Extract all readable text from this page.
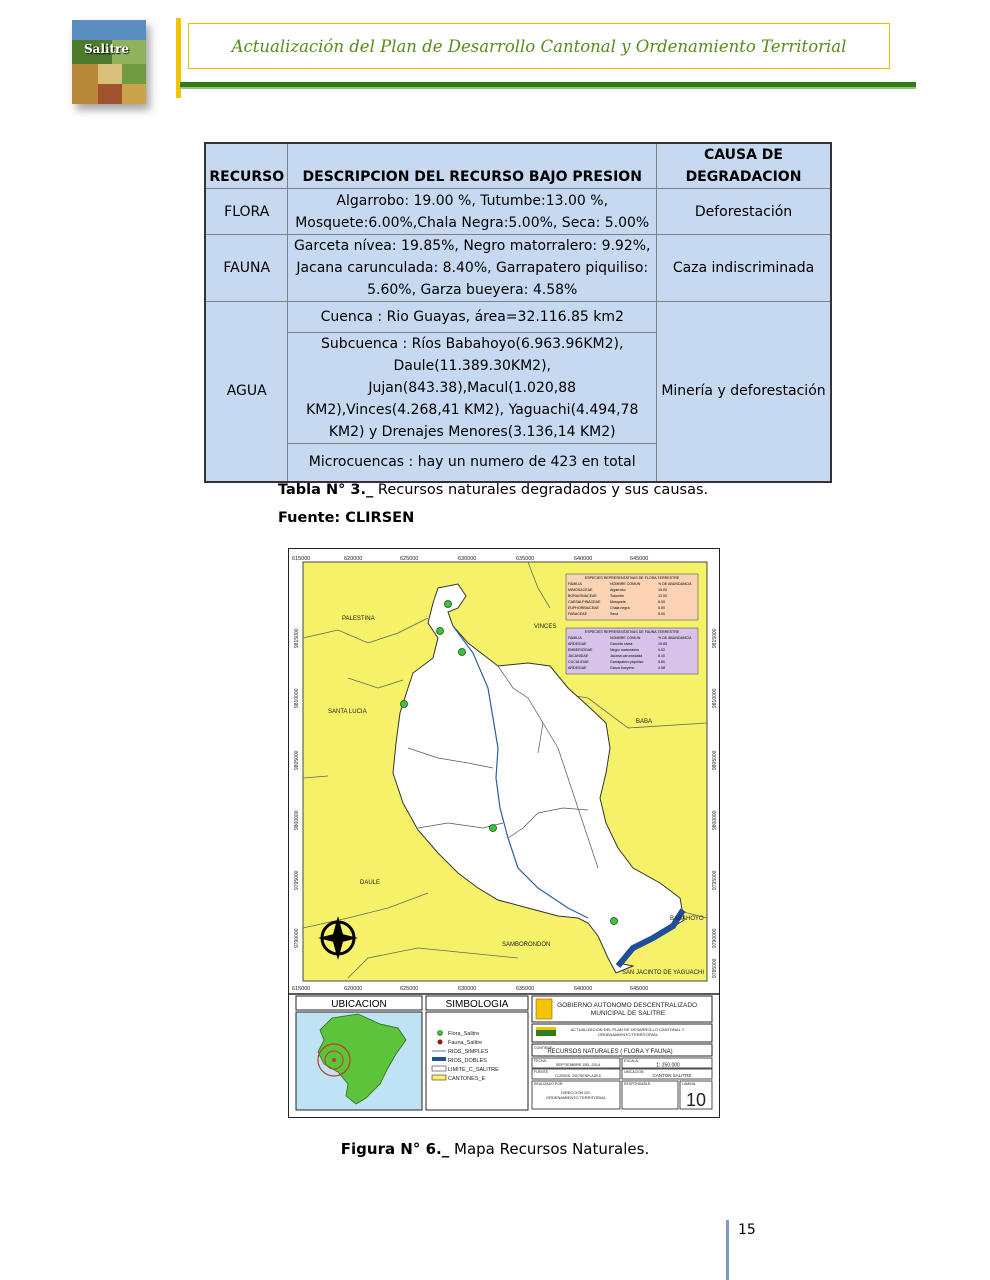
Salitre	Actualización del Plan de Desarrollo Cantonal y Ordenamiento Territorial
RECURSO	DESCRIPCION DEL RECURSO BAJO PRESION	CAUSA DE DEGRADACION
FLORA	Algarrobo: 19.00 %, Tutumbe:13.00 %, Mosquete:6.00%,Chala Negra:5.00%, Seca: 5.00%	Deforestación
FAUNA	Garceta nívea: 19.85%, Negro matorralero: 9.92%, Jacana carunculada: 8.40%, Garrapatero piquiliso: 5.60%, Garza bueyera: 4.58%	Caza indiscriminada
AGUA	Cuenca : Rio Guayas, área=32.116.85 km2	Minería y deforestación
	Subcuenca : Ríos Babahoyo(6.963.96KM2), Daule(11.389.30KM2), Jujan(843.38),Macul(1.020,88 KM2),Vinces(4.268,41 KM2), Yaguachi(4.494,78 KM2) y Drenajes Menores(3.136,14 KM2)	
	Microcuencas : hay un numero de 423 en total	
Tabla N° 3._ Recursos naturales degradados y sus causas.
Fuente: CLIRSEN
PALESTINA
VINCES
SANTA LUCIA
BABA
DAULE
SAMBORONDON
BABAHOYO
SAN JACINTO DE YAGUACHI
ESPECIES REPRESENTATIVAS DE FLORA TERRESTRE
FAMILIA	NOMBRE COMUN	% DE ABUNDANCIA
MIMOSACEAE	Algarrobo	19.00
BORAGINACEAE	Tutumbe	13.00
CAESALPINACEAE	Mosquete	6.00
EUPHORBIACEAE	Chala negra	5.00
FABACEAE	Seca	5.00
ESPECIES REPRESENTATIVAS DE FAUNA TERRESTRE
FAMILIA	NOMBRE COMUN	% DE ABUNDANCIA
ARDEIDAE	Garceta nivea	19.85
EMBERIZIDAE	Negro matorralero	9.92
JACANIDAE	Jacana carunculada	8.40
CUCULIDAE	Garrapatero piquiliso	5.60
ARDEIDAE	Garza bueyera	4.58
615000	620000	625000	630000	635000	640000	645000
615000	620000	625000	630000	635000	640000	645000
9815000
9810000
9805000
9800000
9795000
9790000
9815000
9810000
9805000
9800000
9795000
9790000
9785000
UBICACION	SIMBOLOGIA
Flora_Salitre
Fauna_Salitre
RIOS_SIMPLES
RIOS_DOBLES
LIMITE_C_SALITRE
CANTONES_E
GOBIERNO AUTONOMO DESCENTRALIZADO MUNICIPAL DE SALITRE
ACTUALIZACION DEL PLAN DE DESARROLLO CANTONAL Y ORDENAMIENTO TERRITORIAL
CONTIENE:
RECURSOS NATURALES ( FLORA Y FAUNA)
FECHA:
SEPTIEMBRE DEL 2014
ESCALA:
1: 250.000
FUENTE:
CLIRSEN, 2007SENPLADES
UBICACION:
CANTON SALITRE
REALIZADO POR:
DIRECCION DE ORDENAMIENTO TERRITORIAL
RESPONSABLE:	LAMINA:
10
Figura N° 6._ Mapa Recursos Naturales.
15
